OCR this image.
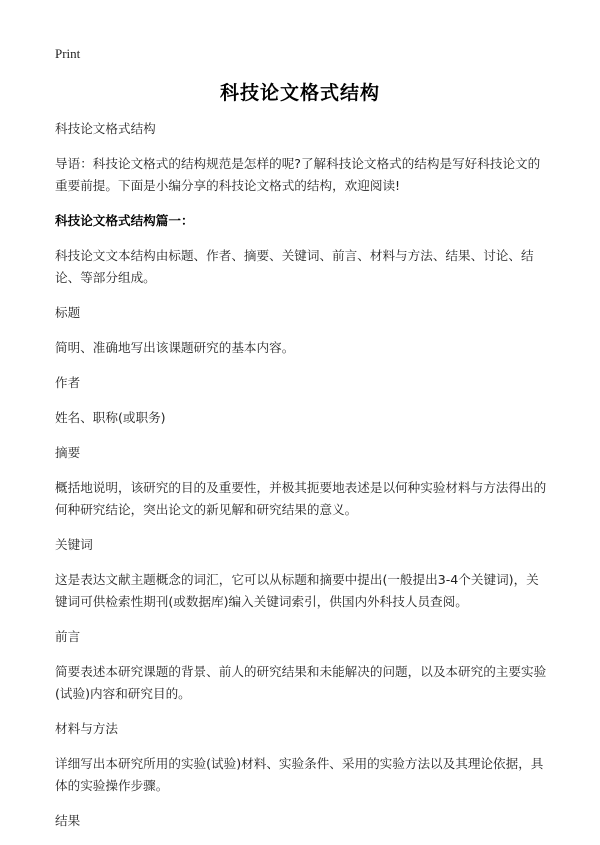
Print
科技论文格式结构

科技论文格式结构

导语：科技论文格式的结构规范是怎样的呢?了解科技论文格式的结构是写好科技论文的重要前提。下面是小编分享的科技论文格式的结构，欢迎阅读!

科技论文格式结构篇一：

科技论文文本结构由标题、作者、摘要、关键词、前言、材料与方法、结果、讨论、结论、等部分组成。

标题

简明、准确地写出该课题研究的基本内容。

作者

姓名、职称(或职务)

摘要

概括地说明，该研究的目的及重要性，并极其扼要地表述是以何种实验材料与方法得出的何种研究结论，突出论文的新见解和研究结果的意义。

关键词

这是表达文献主题概念的词汇，它可以从标题和摘要中提出(一般提出3-4个关键词)，关键词可供检索性期刊(或数据库)编入关键词索引，供国内外科技人员查阅。

前言

简要表述本研究课题的背景、前人的研究结果和未能解决的问题，以及本研究的主要实验(试验)内容和研究目的。

材料与方法

详细写出本研究所用的实验(试验)材料、实验条件、采用的实验方法以及其理论依据，具体的实验操作步骤。

结果
